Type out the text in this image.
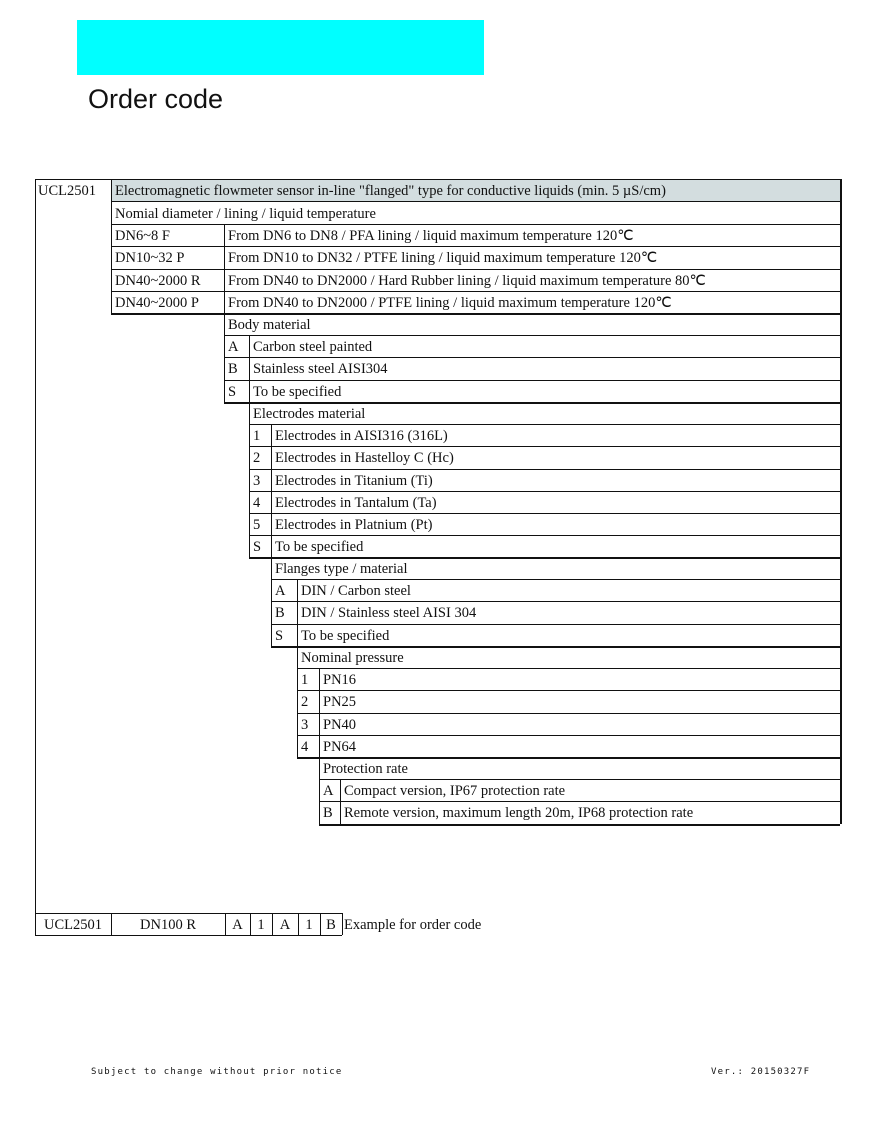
Order code
UCL2501 Electromagnetic flowmeter sensor in-line "flanged" type for conductive liquids (min. 5 µS/cm)
Nomial diameter / lining / liquid temperature
DN6~8 F	From DN6 to DN8 / PFA lining / liquid maximum temperature 120℃
DN10~32 P	From DN10 to DN32 / PTFE lining / liquid maximum temperature 120℃
DN40~2000 R From DN40 to DN2000 / Hard Rubber lining / liquid maximum temperature 80℃
DN40~2000 P From DN40 to DN2000 / PTFE lining / liquid maximum temperature 120℃
Body material
A Carbon steel painted
B Stainless steel AISI304
S To be specified
Electrodes material
1 Electrodes in AISI316 (316L)
2 Electrodes in Hastelloy C (Hc)
3 Electrodes in Titanium (Ti)
4 Electrodes in Tantalum (Ta)
5 Electrodes in Platnium (Pt)
S To be specified
Flanges type / material
A DIN / Carbon steel
B DIN / Stainless steel AISI 304
S To be specified
Nominal pressure
1 PN16
2 PN25
3 PN40
4 PN64
Protection rate
A Compact version, IP67 protection rate
B Remote version, maximum length 20m, IP68 protection rate
UCL2501	DN100 R	A	1	A	1 B Example for order code
Subject to change without prior notice	Ver.: 20150327F
